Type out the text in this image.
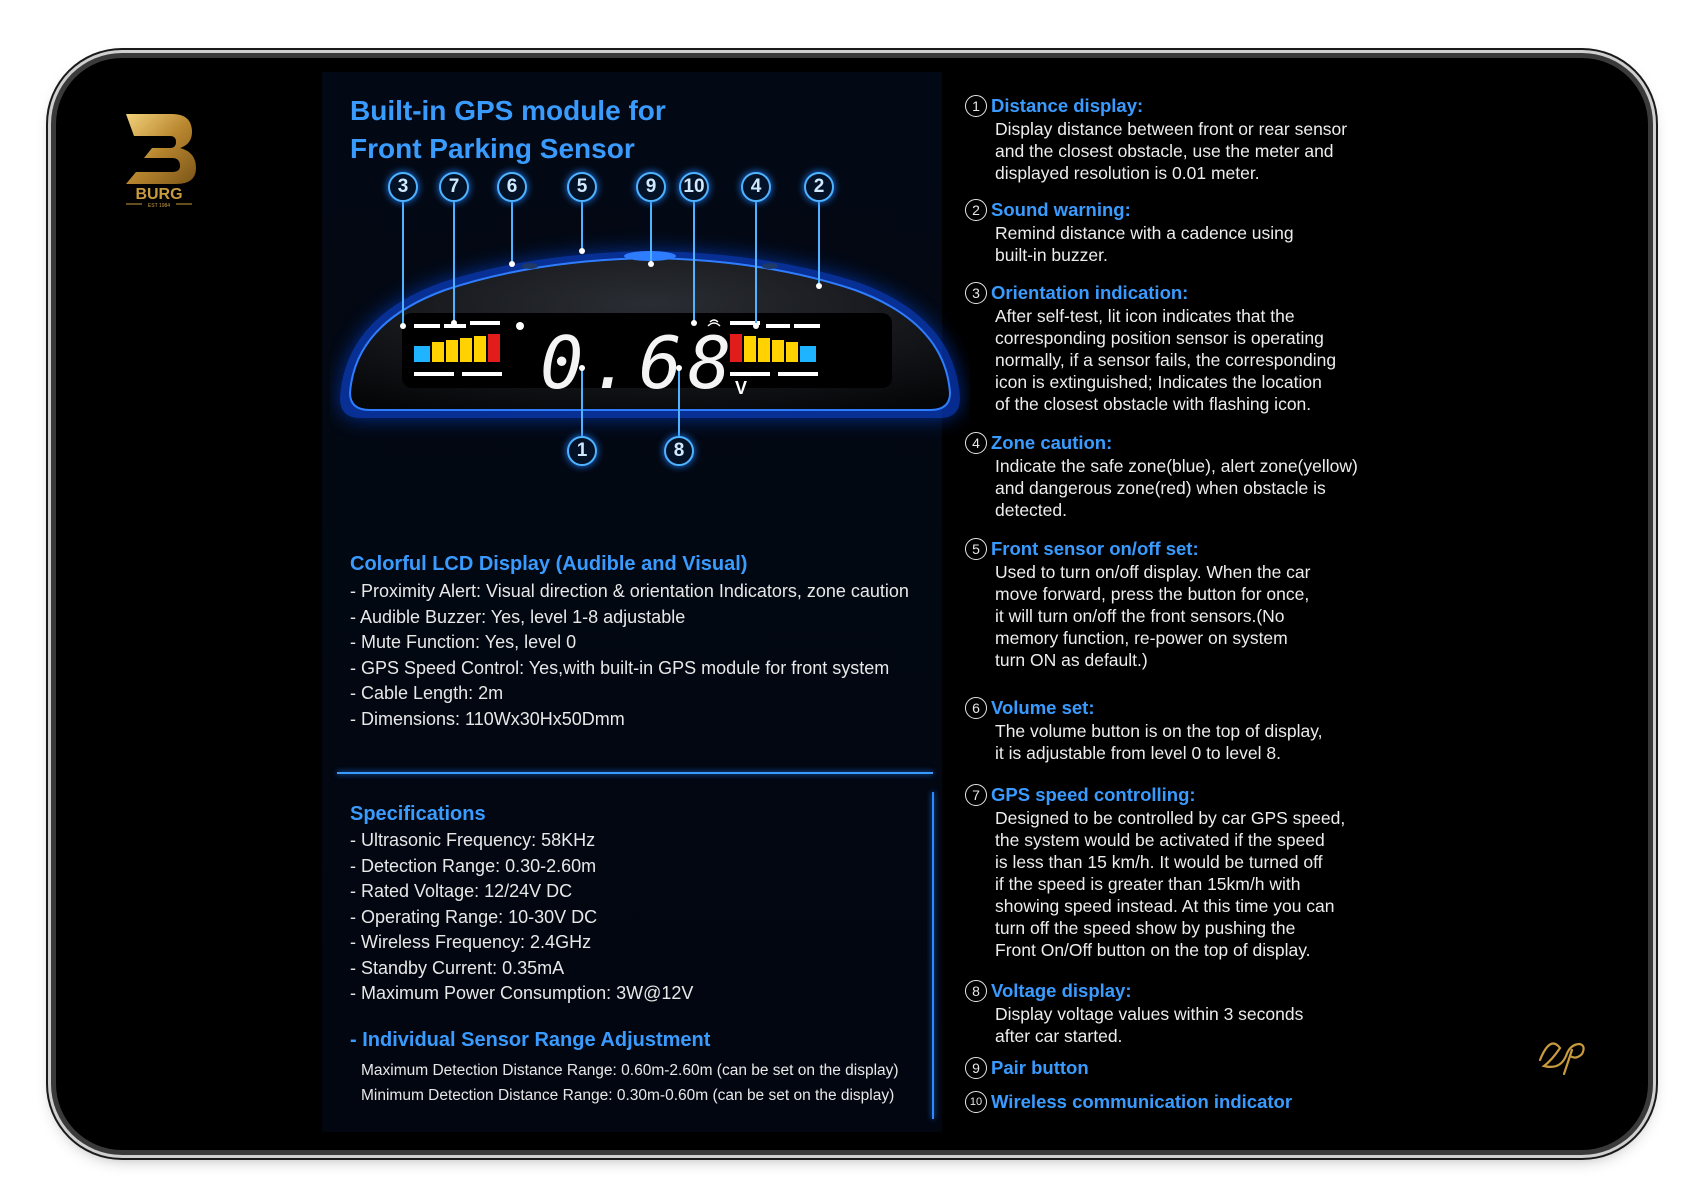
BURG
EST 1984
Built-in GPS module for
Front Parking Sensor
0.68
V
3	7	6	5	9	10	4	2
1	8
Colorful LCD Display (Audible and Visual)
- Proximity Alert: Visual direction & orientation Indicators, zone caution
- Audible Buzzer: Yes, level 1-8 adjustable
- Mute Function: Yes, level 0
- GPS Speed Control: Yes,with built-in GPS module for front system
- Cable Length: 2m
- Dimensions: 110Wx30Hx50Dmm
Specifications
- Ultrasonic Frequency: 58KHz
- Detection Range: 0.30-2.60m
- Rated Voltage: 12/24V DC
- Operating Range: 10-30V DC
- Wireless Frequency: 2.4GHz
- Standby Current: 0.35mA
- Maximum Power Consumption: 3W@12V
- Individual Sensor Range Adjustment
Maximum Detection Distance Range: 0.60m-2.60m (can be set on the display)
Minimum Detection Distance Range: 0.30m-0.60m (can be set on the display)
1 Distance display:
Display distance between front or rear sensor
and the closest obstacle, use the meter and
displayed resolution is 0.01 meter.
2 Sound warning:
Remind distance with a cadence using
built-in buzzer.
3 Orientation indication:
After self-test, lit icon indicates that the
corresponding position sensor is operating
normally, if a sensor fails, the corresponding
icon is extinguished; Indicates the location
of the closest obstacle with flashing icon.
4 Zone caution:
Indicate the safe zone(blue), alert zone(yellow)
and dangerous zone(red) when obstacle is
detected.
5 Front sensor on/off set:
Used to turn on/off display. When the car
move forward, press the button for once,
it will turn on/off the front sensors.(No
memory function, re-power on system
turn ON as default.)
6 Volume set:
The volume button is on the top of display,
it is adjustable from level 0 to level 8.
7 GPS speed controlling:
Designed to be controlled by car GPS speed,
the system would be activated if the speed
is less than 15 km/h. It would be turned off
if the speed is greater than 15km/h with
showing speed instead. At this time you can
turn off the speed show by pushing the
Front On/Off button on the top of display.
8 Voltage display:
Display voltage values within 3 seconds
after car started.
9 Pair button
10 Wireless communication indicator
